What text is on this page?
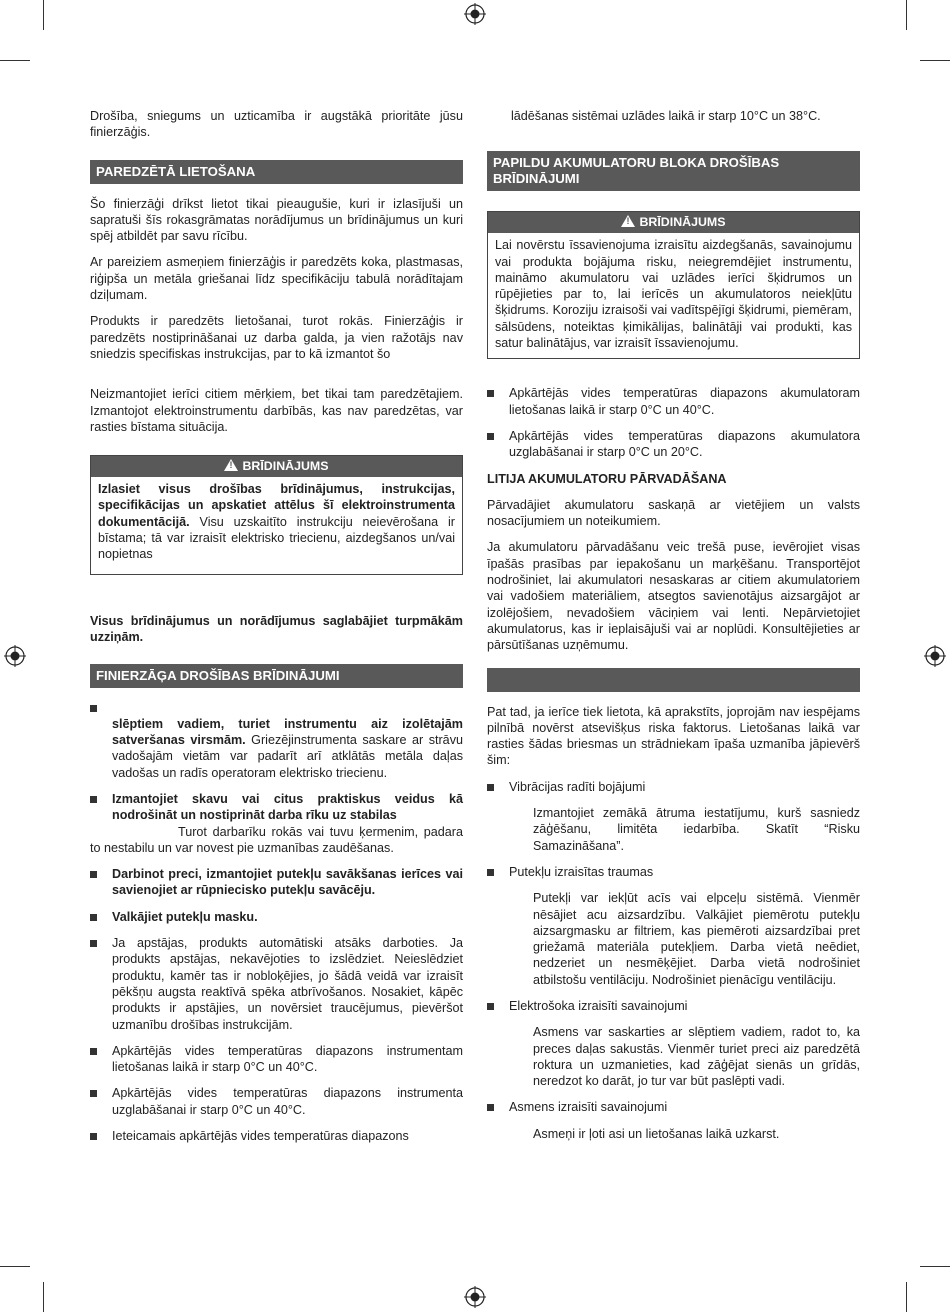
Drošība, sniegums un uzticamība ir augstākā prioritāte jūsu finierzāģis.

PAREDZĒTĀ LIETOŠANA

Šo finierzāģi drīkst lietot tikai pieaugušie, kuri ir izlasījuši un sapratuši šīs rokasgrāmatas norādījumus un brīdinājumus un kuri spēj atbildēt par savu rīcību.

Ar pareiziem asmeņiem finierzāģis ir paredzēts koka, plastmasas, riģipša un metāla griešanai līdz specifikāciju tabulā norādītajam dziļumam.

Produkts ir paredzēts lietošanai, turot rokās. Finierzāģis ir paredzēts nostiprināšanai uz darba galda, ja vien ražotājs nav sniedzis specifiskas instrukcijas, par to kā izmantot šo

Neizmantojiet ierīci citiem mērķiem, bet tikai tam paredzētajiem. Izmantojot elektroinstrumentu darbībās, kas nav paredzētas, var rasties bīstama situācija.

!BRĪDINĀJUMS
Izlasiet visus drošības brīdinājumus, instrukcijas, specifikācijas un apskatiet attēlus šī elektroinstrumenta dokumentācijā. Visu uzskaitīto instrukciju neievērošana ir bīstama; tā var izraisīt elektrisko triecienu, aizdegšanos un/vai nopietnas

Visus brīdinājumus un norādījumus saglabājiet turpmākām uzziņām.

FINIERZĀĢA DROŠĪBAS BRĪDINĀJUMI
slēptiem vadiem, turiet instrumentu aiz izolētajām satveršanas virsmām. Griezējinstrumenta saskare ar strāvu vadošajām vietām var padarīt arī atklātās metāla daļas vadošas un radīs operatoram elektrisko triecienu.
Izmantojiet skavu vai citus praktiskus veidus kā nodrošināt un nostiprināt darba rīku uz stabilas
Turot darbarīku rokās vai tuvu ķermenim, padara to nestabilu un var novest pie uzmanības zaudēšanas.
Darbinot preci, izmantojiet putekļu savākšanas ierīces vai savienojiet ar rūpniecisko putekļu savācēju.
Valkājiet putekļu masku.
Ja apstājas, produkts automātiski atsāks darboties. Ja produkts apstājas, nekavējoties to izslēdziet. Neieslēdziet produktu, kamēr tas ir nobloķējies, jo šādā veidā var izraisīt pēkšņu augsta reaktīvā spēka atbrīvošanos. Nosakiet, kāpēc produkts ir apstājies, un novērsiet traucējumus, pievēršot uzmanību drošības instrukcijām.
Apkārtējās vides temperatūras diapazons instrumentam lietošanas laikā ir starp 0°C un 40°C.
Apkārtējās vides temperatūras diapazons instrumenta uzglabāšanai ir starp 0°C un 40°C.
Ieteicamais apkārtējās vides temperatūras diapazons

lādēšanas sistēmai uzlādes laikā ir starp 10°C un 38°C.

PAPILDU AKUMULATORU BLOKA DROŠĪBAS BRĪDINĀJUMI
!BRĪDINĀJUMS
Lai novērstu īssavienojuma izraisītu aizdegšanās, savainojumu vai produkta bojājuma risku, neiegremdējiet instrumentu, maināmo akumulatoru vai uzlādes ierīci šķidrumos un rūpējieties par to, lai ierīcēs un akumulatoros neiekļūtu šķidrums. Koroziju izraisoši vai vadītspējīgi šķidrumi, piemēram, sālsūdens, noteiktas ķimikālijas, balinātāji vai produkti, kas satur balinātājus, var izraisīt īssavienojumu.
Apkārtējās vides temperatūras diapazons akumulatoram lietošanas laikā ir starp 0°C un 40°C.
Apkārtējās vides temperatūras diapazons akumulatora uzglabāšanai ir starp 0°C un 20°C.
LITIJA AKUMULATORU PĀRVADĀŠANA

Pārvadājiet akumulatoru saskaņā ar vietējiem un valsts nosacījumiem un noteikumiem.

Ja akumulatoru pārvadāšanu veic trešā puse, ievērojiet visas īpašās prasības par iepakošanu un marķēšanu. Transportējot nodrošiniet, lai akumulatori nesaskaras ar citiem akumulatoriem vai vadošiem materiāliem, atsegtos savienotājus aizsargājot ar izolējošiem, nevadošiem vāciņiem vai lenti. Nepārvietojiet akumulatorus, kas ir ieplaisājuši vai ar noplūdi. Konsultējieties ar pārsūtīšanas uzņēmumu.

Pat tad, ja ierīce tiek lietota, kā aprakstīts, joprojām nav iespējams pilnībā novērst atsevišķus riska faktorus. Lietošanas laikā var rasties šādas briesmas un strādniekam īpaša uzmanība jāpievērš šim:

Vibrācijas radīti bojājumi

Izmantojiet zemākā ātruma iestatījumu, kurš sasniedz zāģēšanu, limitēta iedarbība. Skatīt “Risku Samazināšana”.

Putekļu izraisītas traumas

Putekļi var iekļūt acīs vai elpceļu sistēmā. Vienmēr nēsājiet acu aizsardzību. Valkājiet piemērotu putekļu aizsargmasku ar filtriem, kas piemēroti aizsardzībai pret griežamā materiāla putekļiem. Darba vietā neēdiet, nedzeriet un nesmēķējiet. Darba vietā nodrošiniet atbilstošu ventilāciju. Nodrošiniet pienācīgu ventilāciju.

Elektrošoka izraisīti savainojumi

Asmens var saskarties ar slēptiem vadiem, radot to, ka preces daļas sakustās. Vienmēr turiet preci aiz paredzētā roktura un uzmanieties, kad zāģējat sienās un grīdās, neredzot ko darāt, jo tur var būt paslēpti vadi.

Asmens izraisīti savainojumi

Asmeņi ir ļoti asi un lietošanas laikā uzkarst.
